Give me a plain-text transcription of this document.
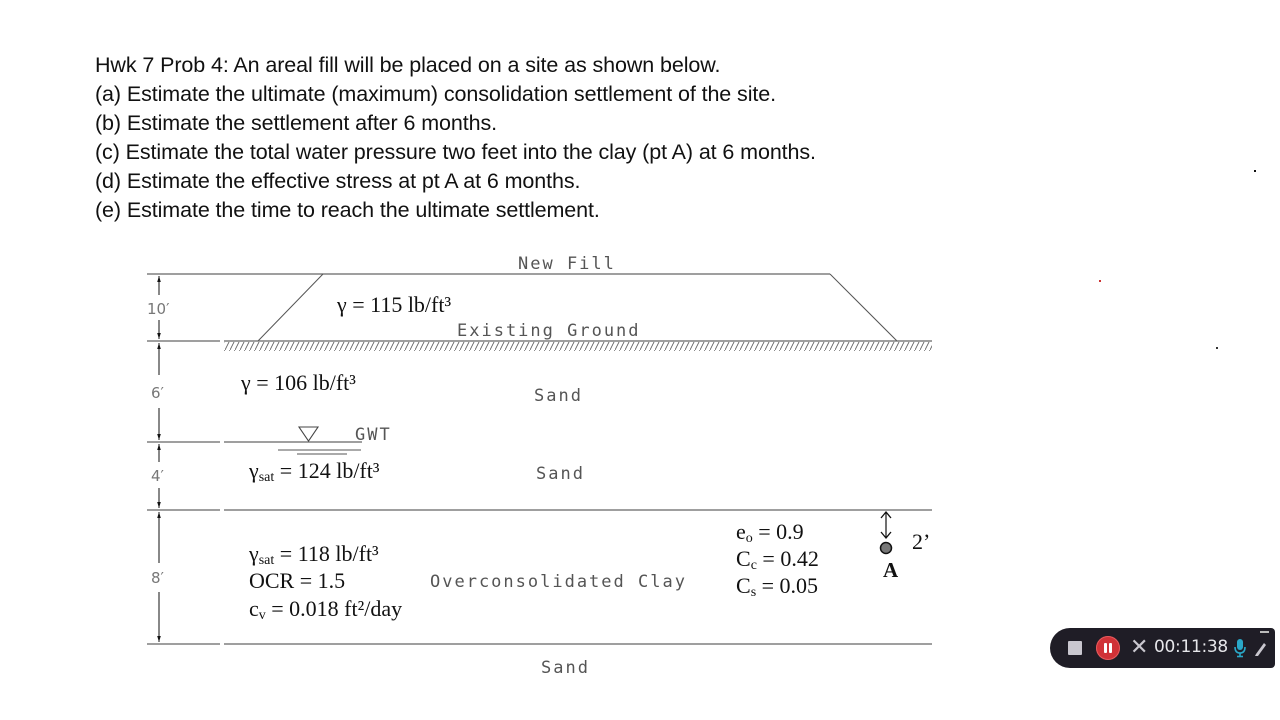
Hwk 7 Prob 4: An areal fill will be placed on a site as shown below.
(a) Estimate the ultimate (maximum) consolidation settlement of the site.
(b) Estimate the settlement after 6 months.
(c) Estimate the total water pressure two feet into the clay (pt A) at 6 months.
(d) Estimate the effective stress at pt A at 6 months.
(e) Estimate the time to reach the ultimate settlement.
10′
6′
4′
8′
New Fill
Existing Ground
Sand
GWT
Sand
Overconsolidated Clay
Sand
γ = 115 lb/ft³
γ = 106 lb/ft³
γsat = 124 lb/ft³
γsat = 118 lb/ft³
OCR = 1.5
cv = 0.018 ft²/day
eo = 0.9
Cc = 0.42
Cs = 0.05
2’
A
✕ 00:11:38
